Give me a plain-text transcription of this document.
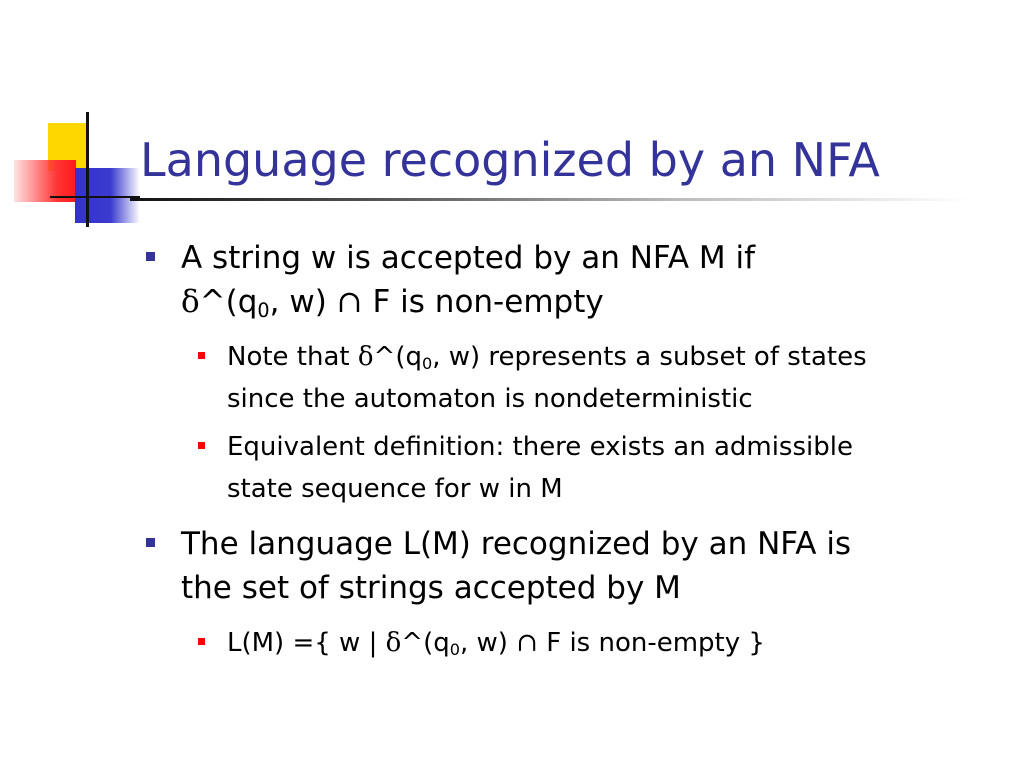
Language recognized by an NFA
A string w is accepted by an NFA M if
$\delta\^{}(q_0$, w) ∩ F is non-empty
Note that $\delta\^{}(q_0$, w) represents a subset of states
since the automaton is nondeterministic
Equivalent definition: there exists an admissible
state sequence for w in M
The language L(M) recognized by an NFA is
the set of strings accepted by M
L(M) ={ w | $\delta\^{}(q_0$, w) ∩ F is non-empty }
